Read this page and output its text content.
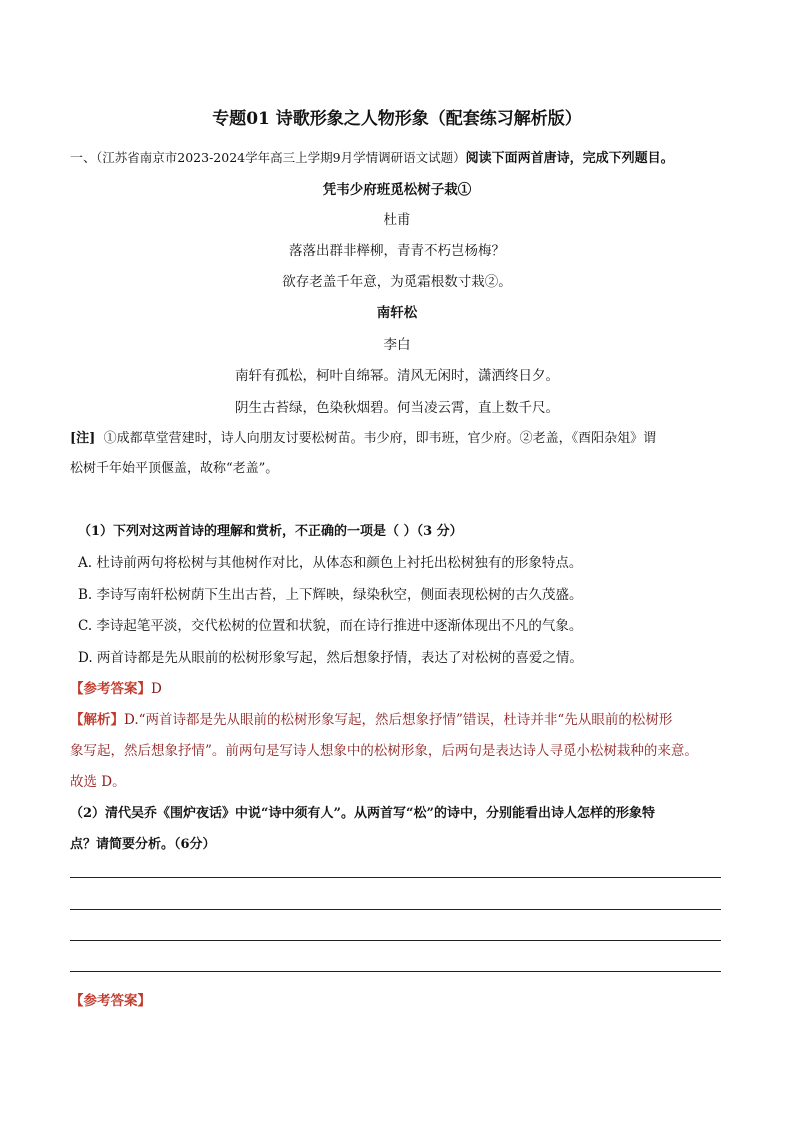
专题01 诗歌形象之人物形象（配套练习解析版）
一、（江苏省南京市2023-2024学年高三上学期9月学情调研语文试题）阅读下面两首唐诗，完成下列题目。
凭韦少府班觅松树子栽①
杜甫
落落出群非榉柳，青青不朽岂杨梅？
欲存老盖千年意，为觅霜根数寸栽②。
南轩松
李白
南轩有孤松，柯叶自绵幂。清风无闲时，潇洒终日夕。
阴生古苔绿，色染秋烟碧。何当凌云霄，直上数千尺。
[注] ①成都草堂营建时，诗人向朋友讨要松树苗。韦少府，即韦班，官少府。②老盖，《酉阳杂俎》谓
松树千年始平顶偃盖，故称“老盖”。
（1）下列对这两首诗的理解和赏析，不正确的一项是（ ）（3 分）
A. 杜诗前两句将松树与其他树作对比，从体态和颜色上衬托出松树独有的形象特点。
B. 李诗写南轩松树荫下生出古苔，上下辉映，绿染秋空，侧面表现松树的古久茂盛。
C. 李诗起笔平淡，交代松树的位置和状貌，而在诗行推进中逐渐体现出不凡的气象。
D. 两首诗都是先从眼前的松树形象写起，然后想象抒情，表达了对松树的喜爱之情。
【参考答案】D
【解析】D.“两首诗都是先从眼前的松树形象写起，然后想象抒情”错误，杜诗并非“先从眼前的松树形
象写起，然后想象抒情”。前两句是写诗人想象中的松树形象，后两句是表达诗人寻觅小松树栽种的来意。
故选 D。
（2）清代吴乔《围炉夜话》中说“诗中须有人”。从两首写“松”的诗中，分别能看出诗人怎样的形象特
点？请简要分析。（6分）
【参考答案】
